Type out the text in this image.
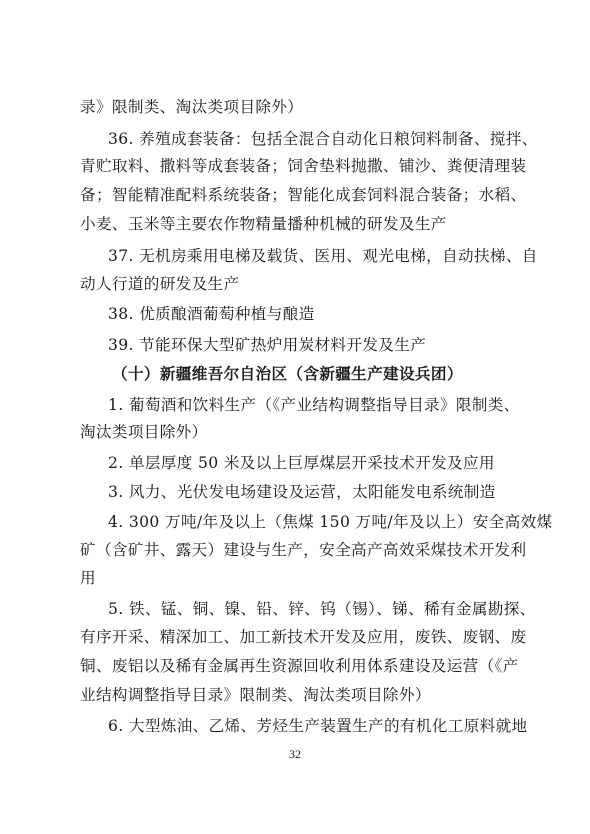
录》限制类、淘汰类项目除外）
36. 养殖成套装备：包括全混合自动化日粮饲料制备、搅拌、
青贮取料、撒料等成套装备；饲舍垫料抛撒、铺沙、粪便清理装
备；智能精准配料系统装备；智能化成套饲料混合装备；水稻、
小麦、玉米等主要农作物精量播种机械的研发及生产
37. 无机房乘用电梯及载货、医用、观光电梯，自动扶梯、自
动人行道的研发及生产
38. 优质酿酒葡萄种植与酿造
39. 节能环保大型矿热炉用炭材料开发及生产
（十）新疆维吾尔自治区（含新疆生产建设兵团）
1. 葡萄酒和饮料生产（《产业结构调整指导目录》限制类、
淘汰类项目除外）
2. 单层厚度 50 米及以上巨厚煤层开采技术开发及应用
3. 风力、光伏发电场建设及运营，太阳能发电系统制造
4. 300 万吨/年及以上（焦煤 150 万吨/年及以上）安全高效煤
矿（含矿井、露天）建设与生产，安全高产高效采煤技术开发利
用
5. 铁、锰、铜、镍、铅、锌、钨（锡）、锑、稀有金属勘探、
有序开采、精深加工、加工新技术开发及应用，废铁、废钢、废
铜、废铝以及稀有金属再生资源回收利用体系建设及运营（《产
业结构调整指导目录》限制类、淘汰类项目除外）
6. 大型炼油、乙烯、芳烃生产装置生产的有机化工原料就地
32
